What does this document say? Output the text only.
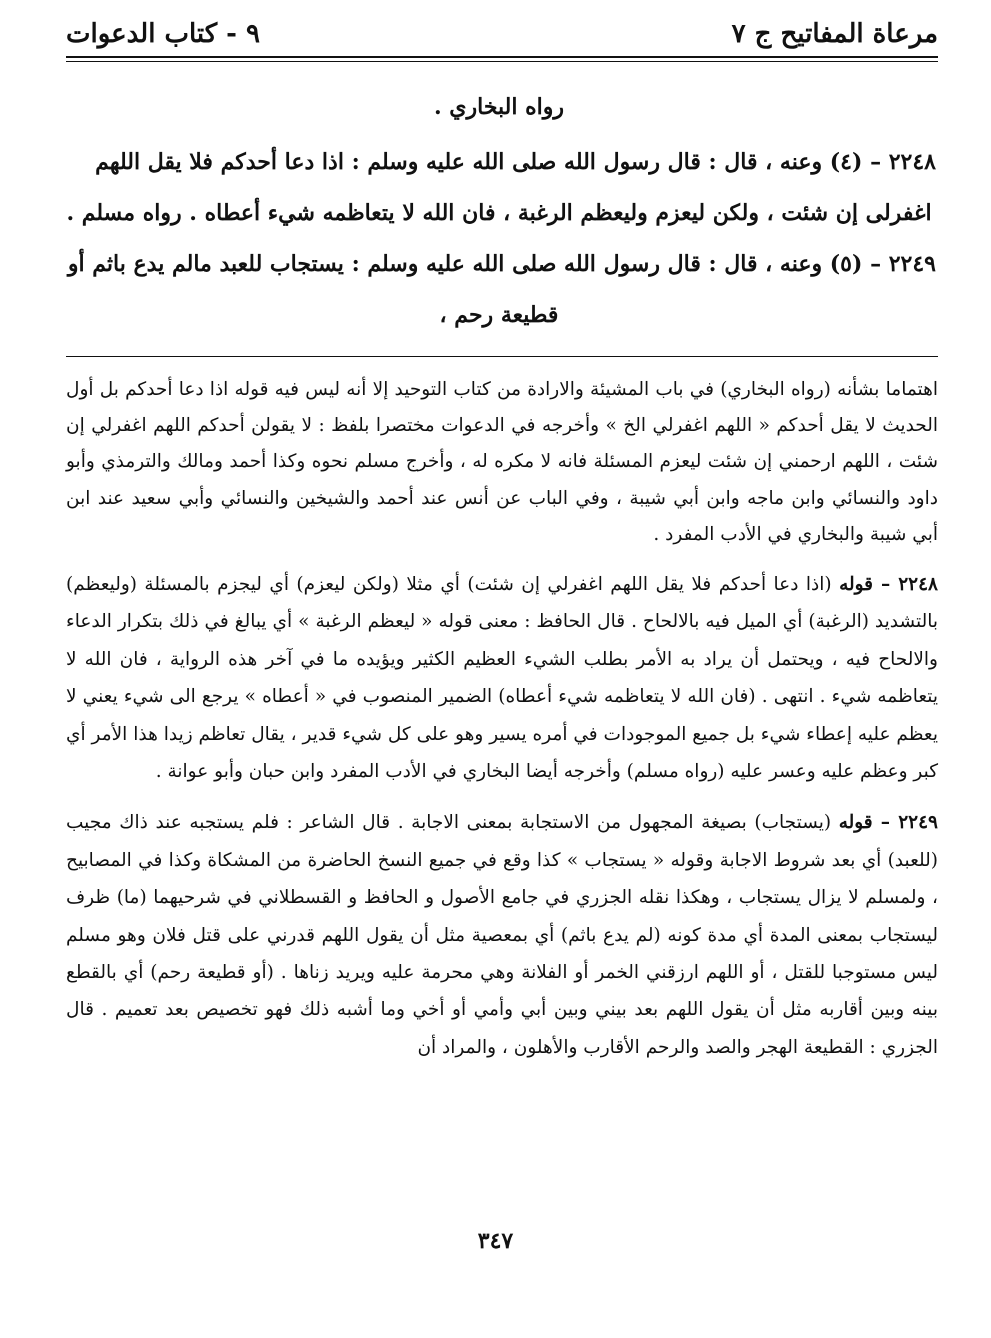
مرعاة المفاتيح ج ٧
٩ - كتاب الدعوات
رواه البخاري .
٢٢٤٨ – (٤) وعنه ، قال : قال رسول الله صلى الله عليه وسلم : اذا دعا أحدكم فلا يقل اللهم
اغفرلى إن شئت ، ولكن ليعزم وليعظم الرغبة ، فان الله لا يتعاظمه شيء أعطاه . رواه مسلم .
٢٢٤٩ – (٥) وعنه ، قال : قال رسول الله صلى الله عليه وسلم : يستجاب للعبد مالم يدع باثم أو
قطيعة رحم ،

اهتماما بشأنه (رواه البخاري) في باب المشيئة والارادة من كتاب التوحيد إلا أنه ليس فيه قوله اذا دعا أحدكم بل أول الحديث لا يقل أحدكم « اللهم اغفرلي الخ » وأخرجه في الدعوات مختصرا بلفظ : لا يقولن أحدكم اللهم اغفرلي إن شئت ، اللهم ارحمني إن شئت ليعزم المسئلة فانه لا مكره له ، وأخرج مسلم نحوه وكذا أحمد ومالك والترمذي وأبو داود والنسائي وابن ماجه وابن أبي شيبة ، وفي الباب عن أنس عند أحمد والشيخين والنسائي وأبي سعيد عند ابن أبي شيبة والبخاري في الأدب المفرد .

٢٢٤٨ – قوله (اذا دعا أحدكم فلا يقل اللهم اغفرلي إن شئت) أي مثلا (ولكن ليعزم) أي ليجزم بالمسئلة (وليعظم) بالتشديد (الرغبة) أي الميل فيه بالالحاح . قال الحافظ : معنى قوله « ليعظم الرغبة » أي يبالغ في ذلك بتكرار الدعاء والالحاح فيه ، ويحتمل أن يراد به الأمر بطلب الشيء العظيم الكثير ويؤيده ما في آخر هذه الرواية ، فان الله لا يتعاظمه شيء . انتهى . (فان الله لا يتعاظمه شيء أعطاه) الضمير المنصوب في « أعطاه » يرجع الى شيء يعني لا يعظم عليه إعطاء شيء بل جميع الموجودات في أمره يسير وهو على كل شيء قدير ، يقال تعاظم زيدا هذا الأمر أي كبر وعظم عليه وعسر عليه (رواه مسلم) وأخرجه أيضا البخاري في الأدب المفرد وابن حبان وأبو عوانة .

٢٢٤٩ – قوله (يستجاب) بصيغة المجهول من الاستجابة بمعنى الاجابة . قال الشاعر : فلم يستجبه عند ذاك مجيب (للعبد) أي بعد شروط الاجابة وقوله « يستجاب » كذا وقع في جميع النسخ الحاضرة من المشكاة وكذا في المصابيح ، ولمسلم لا يزال يستجاب ، وهكذا نقله الجزري في جامع الأصول و الحافظ و القسطلاني في شرحيهما (ما) ظرف ليستجاب بمعنى المدة أي مدة كونه (لم يدع باثم) أي بمعصية مثل أن يقول اللهم قدرني على قتل فلان وهو مسلم ليس مستوجبا للقتل ، أو اللهم ارزقني الخمر أو الفلانة وهي محرمة عليه ويريد زناها . (أو قطيعة رحم) أي بالقطع بينه وبين أقاربه مثل أن يقول اللهم بعد بيني وبين أبي وأمي أو أخي وما أشبه ذلك فهو تخصيص بعد تعميم . قال الجزري : القطيعة الهجر والصد والرحم الأقارب والأهلون ، والمراد أن

٣٤٧
